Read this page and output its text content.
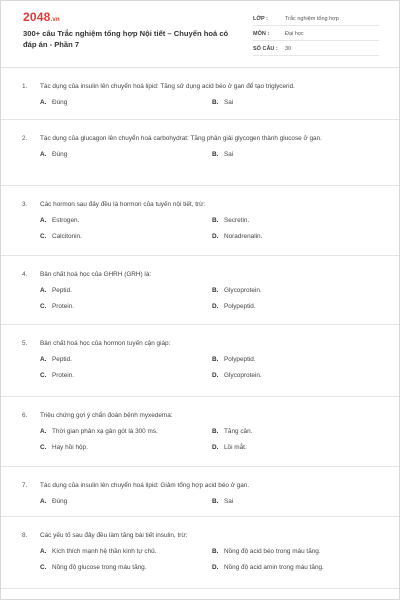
2048.vn
300+ câu Trắc nghiệm tổng hợp Nội tiết – Chuyển hoá có đáp án - Phần 7
LỚP :	Trắc nghiệm tổng hợp
MÔN :	Đại học
SỐ CÂU : 30
1. Tác dụng của insulin lên chuyển hoá lipid: Tăng sử dụng acid béo ở gan để tạo triglycerid.
A. Đúng	B. Sai
2. Tác dụng của glucagon lên chuyển hoá carbohydrat: Tăng phân giải glycogen thành glucose ở gan.
A. Đúng	B. Sai
3. Các hormon sau đây đều là hormon của tuyến nội tiết, trừ:
A. Estrogen.	B. Secretin.
C. Calcitonin.	D. Noradrenalin.
4. Bản chất hoá học của GHRH (GRH) là:
A. Peptid.	B. Glycoprotein.
C. Protein.	D. Polypeptid.
5. Bản chất hoá học của hormon tuyến cận giáp:
A. Peptid.	B. Polypeptid.
C. Protein.	D. Glycoprotein.
6. Triệu chứng gợi ý chẩn đoán bệnh myxedema:
A. Thời gian phản xạ gân gót là 300 ms.	B. Tăng cân.
C. Hay hồi hộp.	D. Lồi mắt.
7. Tác dụng của insulin lên chuyển hoá lipid: Giảm tổng hợp acid béo ở gan.
A. Đúng	B. Sai
8. Các yếu tố sau đây đều làm tăng bài tiết insulin, trừ:
A. Kích thích mạnh hệ thần kinh tự chủ.	B. Nồng độ acid béo trong máu tăng.
C. Nồng độ glucose trong máu tăng.	D. Nồng độ acid amin trong máu tăng.
